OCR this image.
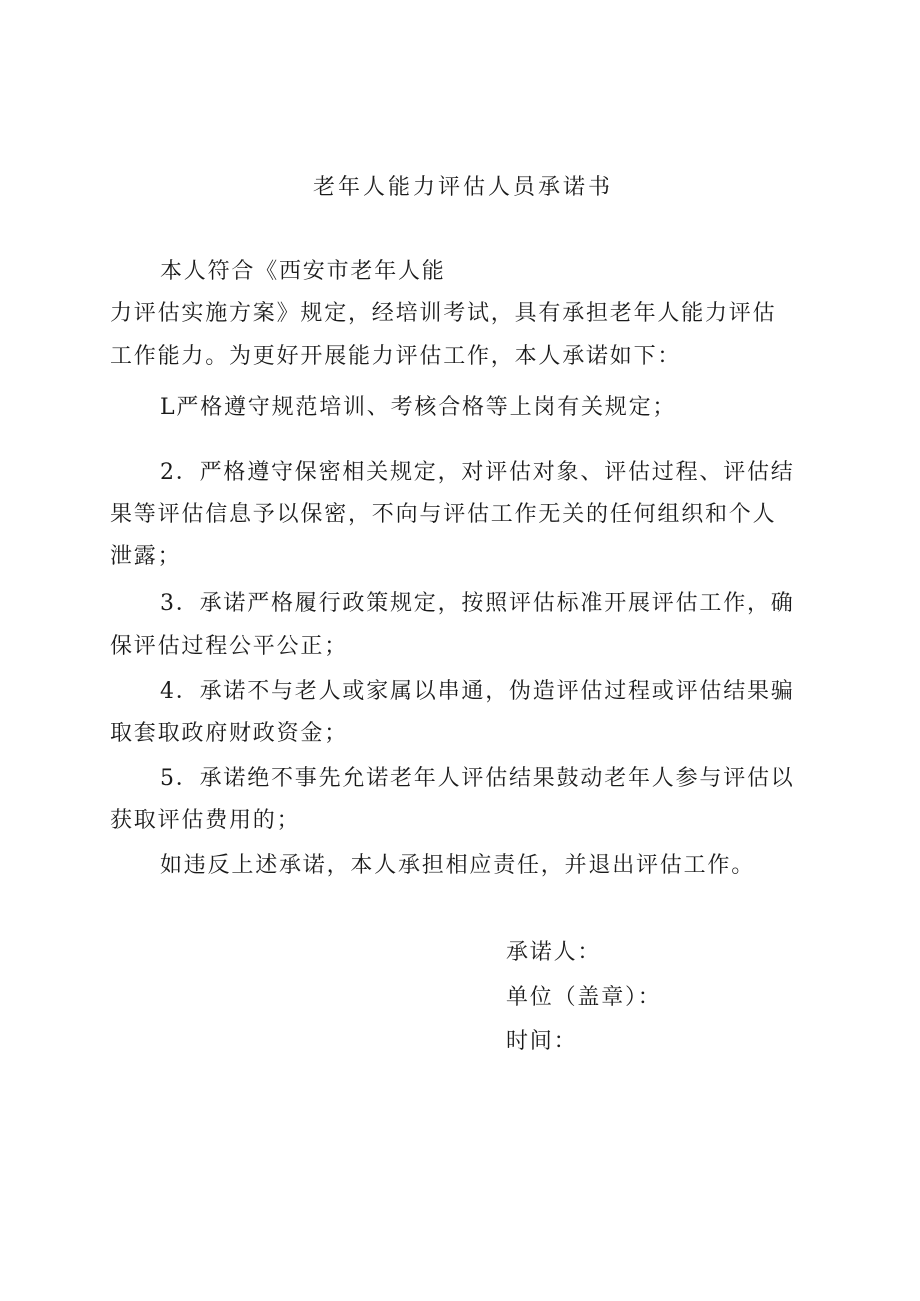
老年人能力评估人员承诺书
本人符合《西安市老年人能
力评估实施方案》规定，经培训考试，具有承担老年人能力评估
工作能力。为更好开展能力评估工作，本人承诺如下：
L严格遵守规范培训、考核合格等上岗有关规定；
2．严格遵守保密相关规定，对评估对象、评估过程、评估结
果等评估信息予以保密，不向与评估工作无关的任何组织和个人
泄露；
3．承诺严格履行政策规定，按照评估标准开展评估工作，确
保评估过程公平公正；
4．承诺不与老人或家属以串通，伪造评估过程或评估结果骗
取套取政府财政资金；
5．承诺绝不事先允诺老年人评估结果鼓动老年人参与评估以
获取评估费用的；
如违反上述承诺，本人承担相应责任，并退出评估工作。
承诺人：
单位（盖章）：
时间：
